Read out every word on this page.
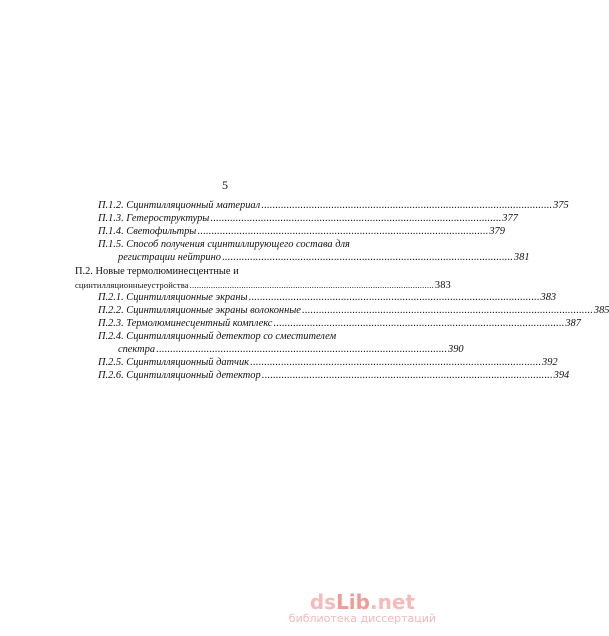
5
П.1.2. Сцинтилляционный материал ........................................................................................................ 375
П.1.3. Гетероструктуры ........................................................................................................ 377
П.1.4. Светофильтры ........................................................................................................ 379
П.1.5. Способ получения сцинтиллирующего состава для
регистрации нейтрино ........................................................................................................ 381
П.2. Новые термолюминесцентные и
сцинтилляционныеустройства ........................................................................................................ 383
П.2.1. Сцинтилляционные экраны ........................................................................................................ 383
П.2.2. Сцинтилляционные экраны волоконные ........................................................................................................ 385
П.2.3. Термолюминесцентный комплекс ........................................................................................................ 387
П.2.4. Сцинтилляционный детектор со сместителем
спектра ........................................................................................................ 390
П.2.5. Сцинтилляционный датчик ........................................................................................................ 392
П.2.6. Сцинтилляционный детектор ........................................................................................................ 394
dsLib.net
библиотека диссертаций
